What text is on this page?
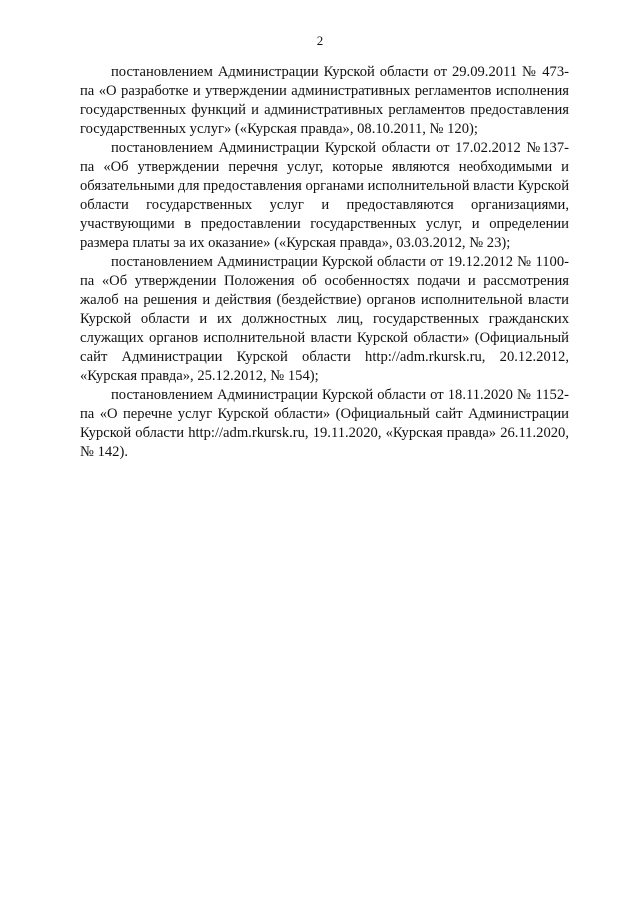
2

постановлением Администрации Курской области от 29.09.2011 № 473-па «О разработке и утверждении административных регламентов исполнения государственных функций и административных регламентов предоставления государственных услуг» («Курская правда», 08.10.2011, № 120);

постановлением Администрации Курской области от 17.02.2012 №137-па «Об утверждении перечня услуг, которые являются необходимыми и обязательными для предоставления органами исполнительной власти Курской области государственных услуг и предоставляются организациями, участвующими в предоставлении государственных услуг, и определении размера платы за их оказание» («Курская правда», 03.03.2012, № 23);

постановлением Администрации Курской области от 19.12.2012 № 1100-па «Об утверждении Положения об особенностях подачи и рассмотрения жалоб на решения и действия (бездействие) органов исполнительной власти Курской области и их должностных лиц, государственных гражданских служащих органов исполнительной власти Курской области» (Официальный сайт Администрации Курской области http://adm.rkursk.ru, 20.12.2012, «Курская правда», 25.12.2012, № 154);

постановлением Администрации Курской области от 18.11.2020 № 1152-па «О перечне услуг Курской области» (Официальный сайт Администрации Курской области http://adm.rkursk.ru, 19.11.2020, «Курская правда» 26.11.2020, № 142).
